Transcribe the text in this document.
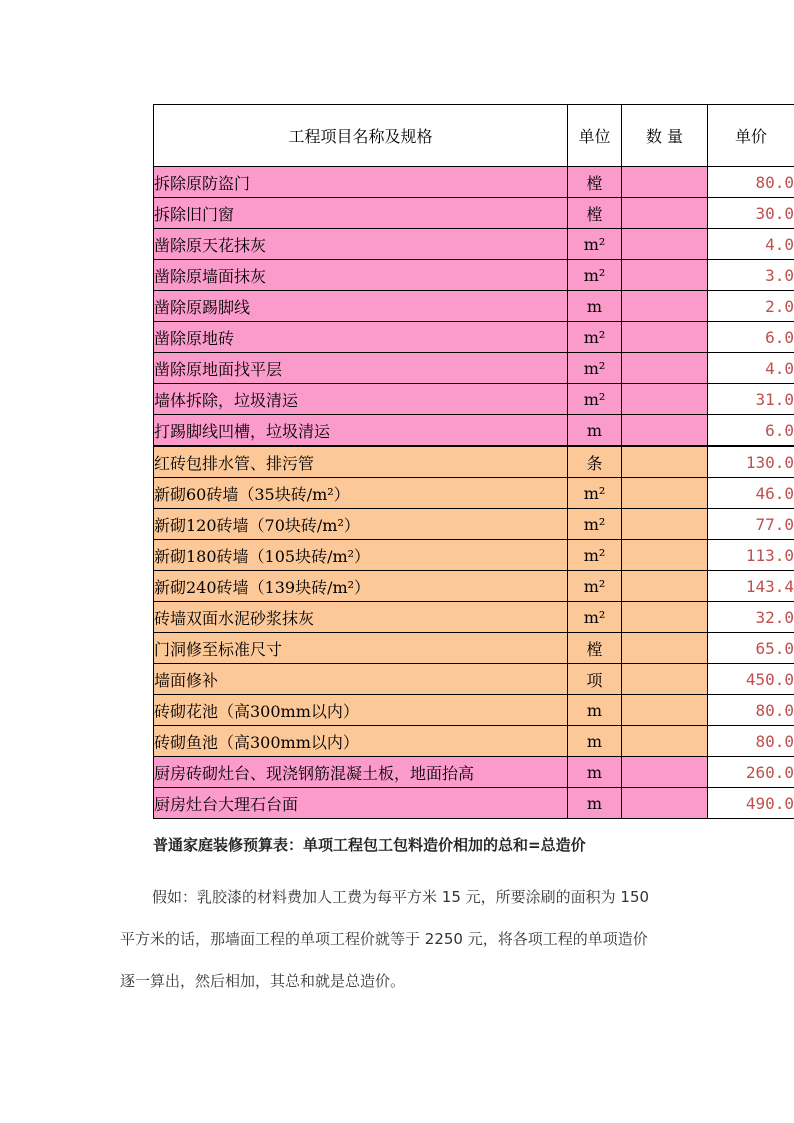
工程项目名称及规格	单位	数 量	单价
拆除原防盗门	樘		80.0
拆除旧门窗	樘		30.0
凿除原天花抹灰	m²		4.0
凿除原墙面抹灰	m²		3.0
凿除原踢脚线	m		2.0
凿除原地砖	m²		6.0
凿除原地面找平层	m²		4.0
墙体拆除，垃圾清运	m²		31.0
打踢脚线凹槽，垃圾清运	m		6.0
红砖包排水管、排污管	条		130.0
新砌60砖墙（35块砖/m²）	m²		46.0
新砌120砖墙（70块砖/m²）	m²		77.0
新砌180砖墙（105块砖/m²）	m²		113.0
新砌240砖墙（139块砖/m²）	m²		143.4
砖墙双面水泥砂浆抹灰	m²		32.0
门洞修至标准尺寸	樘		65.0
墙面修补	项		450.0
砖砌花池（高300mm以内）	m		80.0
砖砌鱼池（高300mm以内）	m		80.0
厨房砖砌灶台、现浇钢筋混凝土板，地面抬高	m		260.0
厨房灶台大理石台面	m		490.0
普通家庭装修预算表：单项工程包工包料造价相加的总和=总造价
假如：乳胶漆的材料费加人工费为每平方米 15 元，所要涂刷的面积为 150
平方米的话，那墙面工程的单项工程价就等于 2250 元，将各项工程的单项造价
逐一算出，然后相加，其总和就是总造价。
